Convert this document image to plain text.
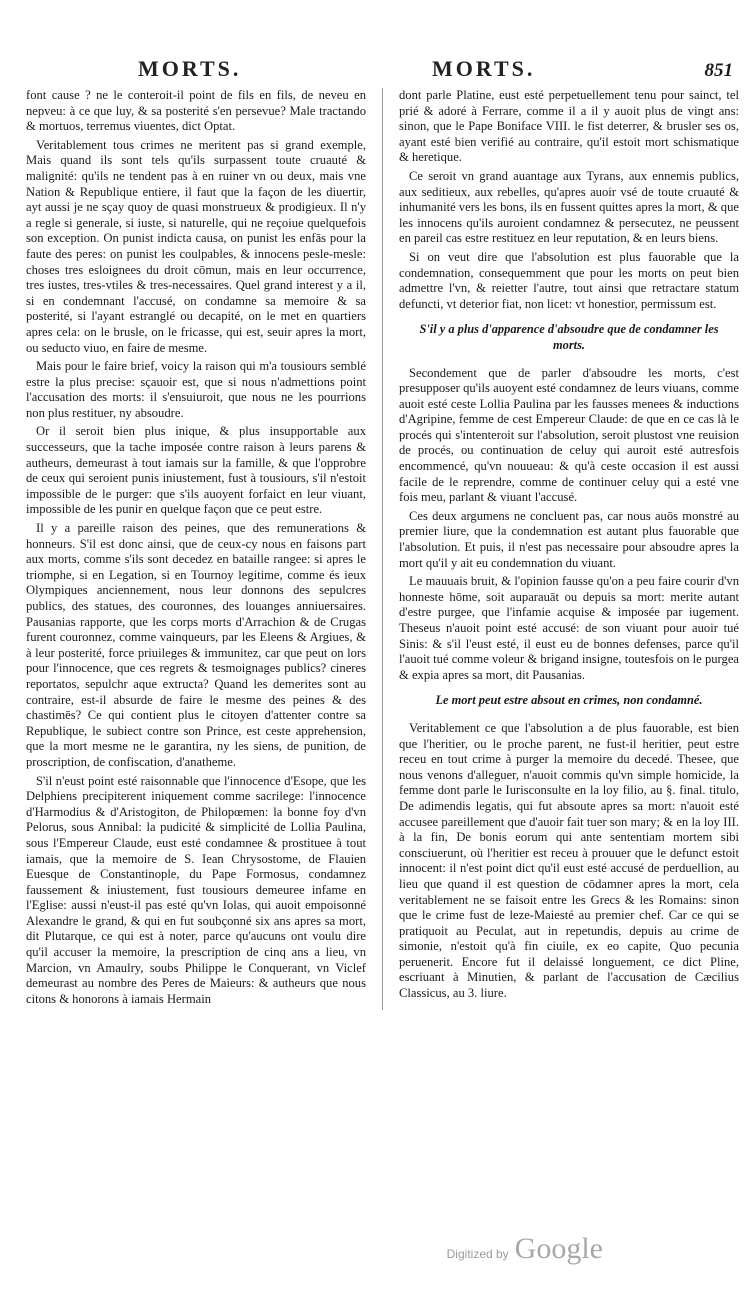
MORTS.	MORTS.	851

font cause ? ne le conteroit-il point de fils en fils, de neveu en nepveu: à ce que luy, & sa posterité s'en persevue? Male tractando & mortuos, terremus viuentes, dict Optat.

Veritablement tous crimes ne meritent pas si grand exemple, Mais quand ils sont tels qu'ils surpassent toute cruauté & malignité: qu'ils ne tendent pas à en ruiner vn ou deux, mais vne Nation & Republique entiere, il faut que la façon de les diuertir, ayt aussi je ne sçay quoy de quasi monstrueux & prodigieux. Il n'y a regle si generale, si iuste, si naturelle, qui ne reçoiue quelquefois son exception. On punist indicta causa, on punist les enfās pour la faute des peres: on punist les coulpables, & innocens pesle-mesle: choses tres esloignees du droit cōmun, mais en leur occurrence, tres iustes, tres-vtiles & tres-necessaires. Quel grand interest y a il, si en condemnant l'accusé, on condamne sa memoire & sa posterité, si l'ayant estranglé ou decapité, on le met en quartiers apres cela: on le brusle, on le fricasse, qui est, seuir apres la mort, ou seducto viuo, en faire de mesme.

Mais pour le faire brief, voicy la raison qui m'a tousiours semblé estre la plus precise: sçauoir est, que si nous n'admettions point l'accusation des morts: il s'ensuiuroit, que nous ne les pourrions non plus restituer, ny absoudre.

Or il seroit bien plus inique, & plus insupportable aux successeurs, que la tache imposée contre raison à leurs parens & autheurs, demeurast à tout iamais sur la famille, & que l'opprobre de ceux qui seroient punis iniustement, fust à tousiours, s'il n'estoit impossible de le purger: que s'ils auoyent forfaict en leur viuant, impossible de les punir en quelque façon que ce peut estre.

Il y a pareille raison des peines, que des remunerations & honneurs. S'il est donc ainsi, que de ceux-cy nous en faisons part aux morts, comme s'ils sont decedez en bataille rangee: si apres le triomphe, si en Legation, si en Tournoy legitime, comme és ieux Olympiques anciennement, nous leur donnons des sepulcres publics, des statues, des couronnes, des louanges anniuersaires. Pausanias rapporte, que les corps morts d'Arrachion & de Crugas furent couronnez, comme vainqueurs, par les Eleens & Argiues, & à leur posterité, force priuileges & immunitez, car que peut on lors pour l'innocence, que ces regrets & tesmoignages publics? cineres reportatos, sepulchr aque extructa? Quand les demerites sont au contraire, est-il absurde de faire le mesme des peines & des chastimēs? Ce qui contient plus le citoyen d'attenter contre sa Republique, le subiect contre son Prince, est ceste apprehension, que la mort mesme ne le garantira, ny les siens, de punition, de proscription, de confiscation, d'anatheme.

S'il n'eust point esté raisonnable que l'innocence d'Esope, que les Delphiens precipiterent iniquement comme sacrilege: l'innocence d'Harmodius & d'Aristogiton, de Philopœmen: la bonne foy d'vn Pelorus, sous Annibal: la pudicité & simplicité de Lollia Paulina, sous l'Empereur Claude, eust esté condamnee & prostituee à tout iamais, que la memoire de S. Iean Chrysostome, de Flauien Euesque de Constantinople, du Pape Formosus, condamnez faussement & iniustement, fust tousiours demeuree infame en l'Eglise: aussi n'eust-il pas esté qu'vn Iolas, qui auoit empoisonné Alexandre le grand, & qui en fut soubçonné six ans apres sa mort, dit Plutarque, ce qui est à noter, parce qu'aucuns ont voulu dire qu'il accuser la memoire, la prescription de cinq ans a lieu, vn Marcion, vn Amaulry, soubs Philippe le Conquerant, vn Viclef demeurast au nombre des Peres de Maieurs: & autheurs que nous citons & honorons à iamais Hermain

dont parle Platine, eust esté perpetuellement tenu pour sainct, tel prié & adoré à Ferrare, comme il a il y auoit plus de vingt ans: sinon, que le Pape Boniface VIII. le fist deterrer, & brusler ses os, ayant esté bien verifié au contraire, qu'il estoit mort schismatique & heretique.

Ce seroit vn grand auantage aux Tyrans, aux ennemis publics, aux seditieux, aux rebelles, qu'apres auoir vsé de toute cruauté & inhumanité vers les bons, ils en fussent quittes apres la mort, & que les innocens qu'ils auroient condamnez & persecutez, ne peussent en pareil cas estre restituez en leur reputation, & en leurs biens.

Si on veut dire que l'absolution est plus fauorable que la condemnation, consequemment que pour les morts on peut bien admettre l'vn, & reietter l'autre, tout ainsi que retractare statum defuncti, vt deterior fiat, non licet: vt honestior, permissum est.

S'il y a plus d'apparence d'absoudre que de condamner les morts.

Secondement que de parler d'absoudre les morts, c'est presupposer qu'ils auoyent esté condamnez de leurs viuans, comme auoit esté ceste Lollia Paulina par les fausses menees & inductions d'Agripine, femme de cest Empereur Claude: de que en ce cas là le procés qui s'intenteroit sur l'absolution, seroit plustost vne reuision de procés, ou continuation de celuy qui auroit esté autresfois encommencé, qu'vn nouueau: & qu'à ceste occasion il est aussi facile de le reprendre, comme de continuer celuy qui a esté vne fois meu, parlant & viuant l'accusé.

Ces deux argumens ne concluent pas, car nous auōs monstré au premier liure, que la condemnation est autant plus fauorable que l'absolution. Et puis, il n'est pas necessaire pour absoudre apres la mort qu'il y ait eu condemnation du viuant.

Le mauuais bruit, & l'opinion fausse qu'on a peu faire courir d'vn honneste hōme, soit auparauāt ou depuis sa mort: merite autant d'estre purgee, que l'infamie acquise & imposée par iugement. Theseus n'auoit point esté accusé: de son viuant pour auoir tué Sinis: & s'il l'eust esté, il eust eu de bonnes defenses, parce qu'il l'auoit tué comme voleur & brigand insigne, toutesfois on le purgea & expia apres sa mort, dit Pausanias.

Le mort peut estre absout en crimes, non condamné.

Veritablement ce que l'absolution a de plus fauorable, est bien que l'heritier, ou le proche parent, ne fust-il heritier, peut estre receu en tout crime à purger la memoire du decedé. Thesee, que nous venons d'alleguer, n'auoit commis qu'vn simple homicide, la femme dont parle le Iurisconsulte en la loy filio, au §. final. titulo, De adimendis legatis, qui fut absoute apres sa mort: n'auoit esté accusee pareillement que d'auoir fait tuer son mary; & en la loy III. à la fin, De bonis eorum qui ante sententiam mortem sibi consciuerunt, où l'heritier est receu à prouuer que le defunct estoit innocent: il n'est point dict qu'il eust esté accusé de perduellion, au lieu que quand il est question de cōdamner apres la mort, cela veritablement ne se faisoit entre les Grecs & les Romains: sinon que le crime fust de leze-Maiesté au premier chef. Car ce qui se pratiquoit au Peculat, aut in repetundis, depuis au crime de simonie, n'estoit qu'à fin ciuile, ex eo capite, Quo pecunia peruenerit. Encore fut il delaissé longuement, ce dict Pline, escriuant à Minutien, & parlant de l'accusation de Cæcilius Classicus, au 3. liure.

Digitized by Google
